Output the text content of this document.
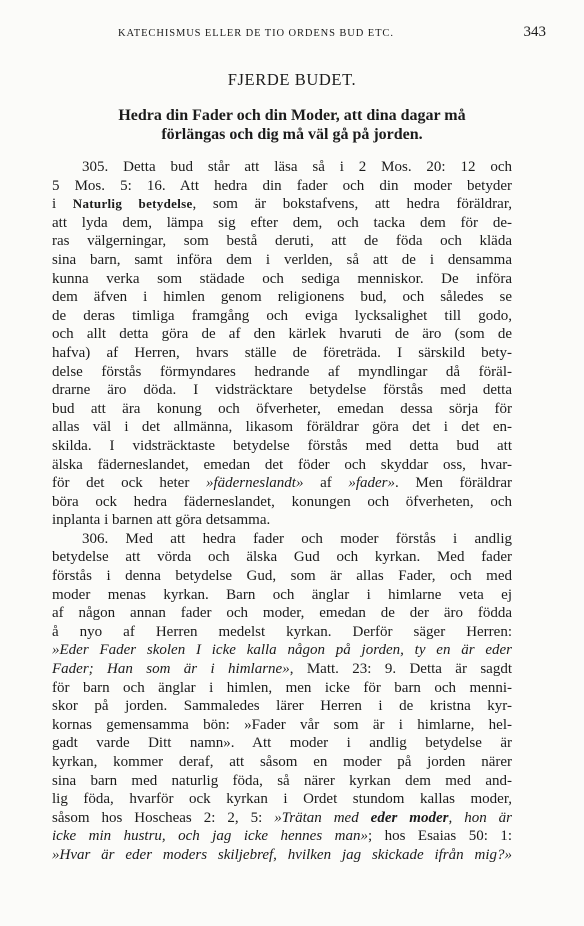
KATECHISMUS ELLER DE TIO ORDENS BUD ETC.	343
FJERDE BUDET.
Hedra din Fader och din Moder, att dina dagar må
förlängas och dig må väl gå på jorden.
305. Detta bud står att läsa så i 2 Mos. 20: 12 och
5 Mos. 5: 16. Att hedra din fader och din moder betyder
i Naturlig betydelse, som är bokstafvens, att hedra föräldrar,
att lyda dem, lämpa sig efter dem, och tacka dem för de-
ras välgerningar, som bestå deruti, att de föda och kläda
sina barn, samt införa dem i verlden, så att de i densamma
kunna verka som städade och sediga menniskor. De införa
dem äfven i himlen genom religionens bud, och således se
de deras timliga framgång och eviga lycksalighet till godo,
och allt detta göra de af den kärlek hvaruti de äro (som de
hafva) af Herren, hvars ställe de företräda. I särskild bety-
delse förstås förmyndares hedrande af myndlingar då föräl-
drarne äro döda. I vidsträcktare betydelse förstås med detta
bud att ära konung och öfverheter, emedan dessa sörja för
allas väl i det allmänna, likasom föräldrar göra det i det en-
skilda. I vidsträcktaste betydelse förstås med detta bud att
älska fäderneslandet, emedan det föder och skyddar oss, hvar-
för det ock heter »fäderneslandt» af »fader». Men föräldrar
böra ock hedra fäderneslandet, konungen och öfverheten, och
inplanta i barnen att göra detsamma.
306. Med att hedra fader och moder förstås i andlig
betydelse att vörda och älska Gud och kyrkan. Med fader
förstås i denna betydelse Gud, som är allas Fader, och med
moder menas kyrkan. Barn och änglar i himlarne veta ej
af någon annan fader och moder, emedan de der äro födda
å nyo af Herren medelst kyrkan. Derför säger Herren:
»Eder Fader skolen I icke kalla någon på jorden, ty en är eder
Fader; Han som är i himlarne», Matt. 23: 9. Detta är sagdt
för barn och änglar i himlen, men icke för barn och menni-
skor på jorden. Sammaledes lärer Herren i de kristna kyr-
kornas gemensamma bön: »Fader vår som är i himlarne, hel-
gadt varde Ditt namn». Att moder i andlig betydelse är
kyrkan, kommer deraf, att såsom en moder på jorden närer
sina barn med naturlig föda, så närer kyrkan dem med and-
lig föda, hvarför ock kyrkan i Ordet stundom kallas moder,
såsom hos Hoscheas 2: 2, 5: »Trätan med eder moder, hon är
icke min hustru, och jag icke hennes man»; hos Esaias 50: 1:
»Hvar är eder moders skiljebref, hvilken jag skickade ifrån mig?»
